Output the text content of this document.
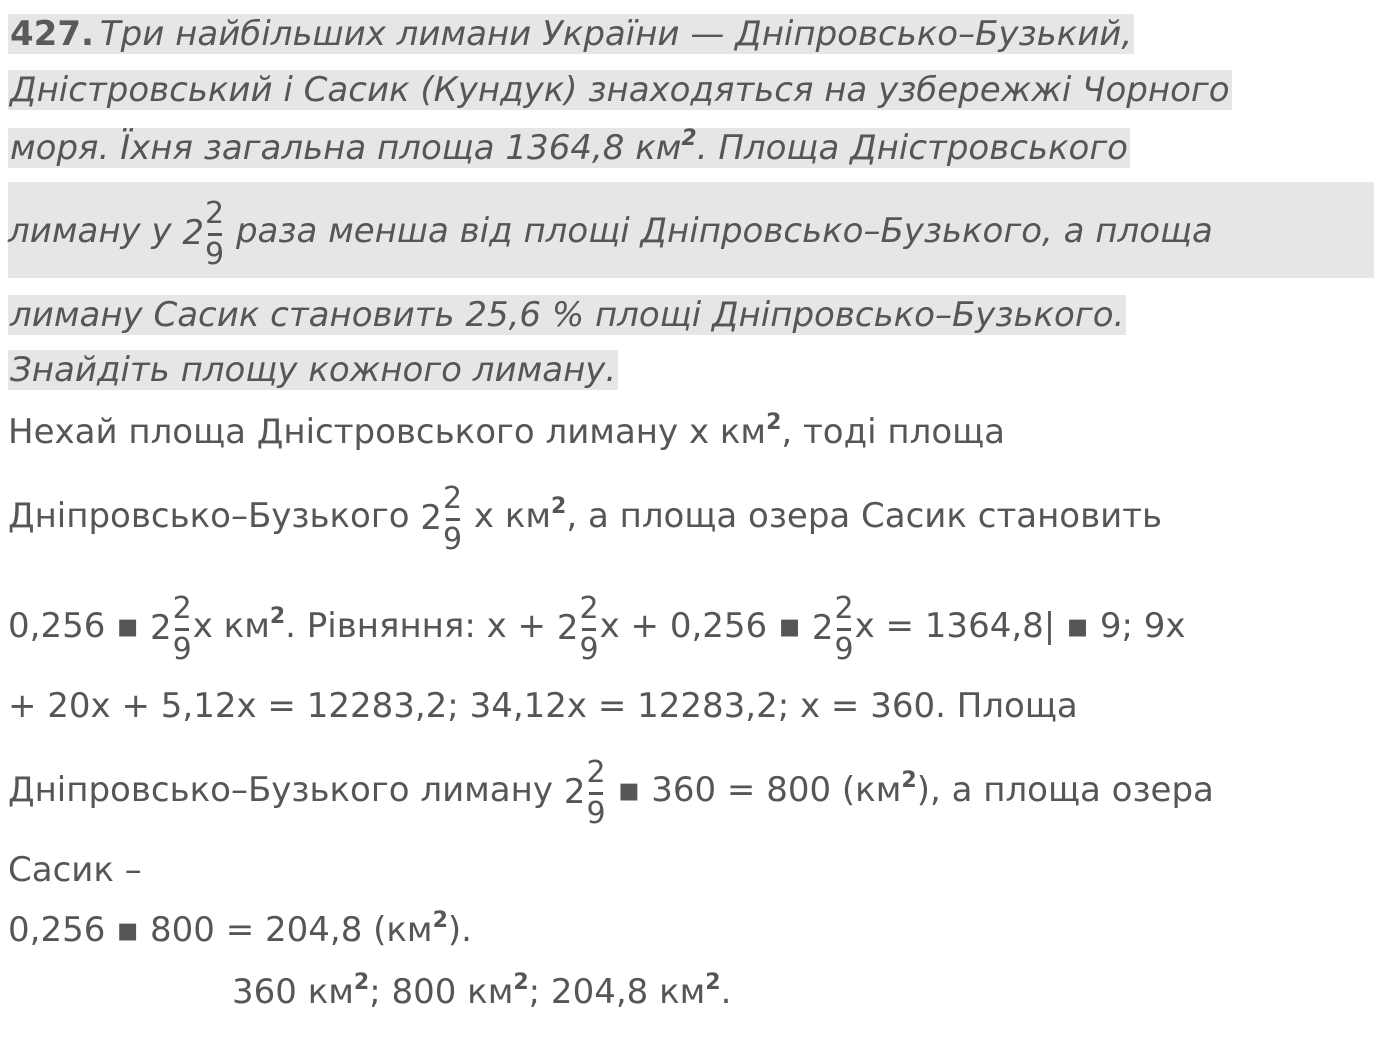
427. Три найбільших лимани України — Дніпровсько–Бузький,
Дністровський і Сасик (Кундук) знаходяться на узбережжі Чорного
моря. Їхня загальна площа 1364,8 $км^2$. Площа Дністровського
лиману у $2 \frac{2}{9}$ раза менша від площі Дніпровсько–Бузького, а площа
лиману Сасик становить 25,6 % площі Дніпровсько–Бузького.
Знайдіть площу кожного лиману.
Нехай площа Дністровського лиману х $км^2$, тоді площа
Дніпровсько–Бузького $2 \frac{2}{9}$ х $км^2$, а площа озера Сасик становить
0,256 ▪ $2 \frac{2}{9}$ х $км^2$. Рівняння: $х + 2 \frac{2}{9}$ х + 0,256 ▪ $2 \frac{2}{9}$ х = 1364,8| ▪ 9; 9х
+ 20х + 5,12х = 12283,2; 34,12х = 12283,2; х = 360. Площа
Дніпровсько–Бузького лиману $2 \frac{2}{9}$ ▪ 360 = 800 $(км^2)$, а площа озера
Сасик –
0,256 ▪ 800 = 204,8 $(км^2)$.
360 $км^2$; 800 $км^2$; 204,8 $км^2$.
